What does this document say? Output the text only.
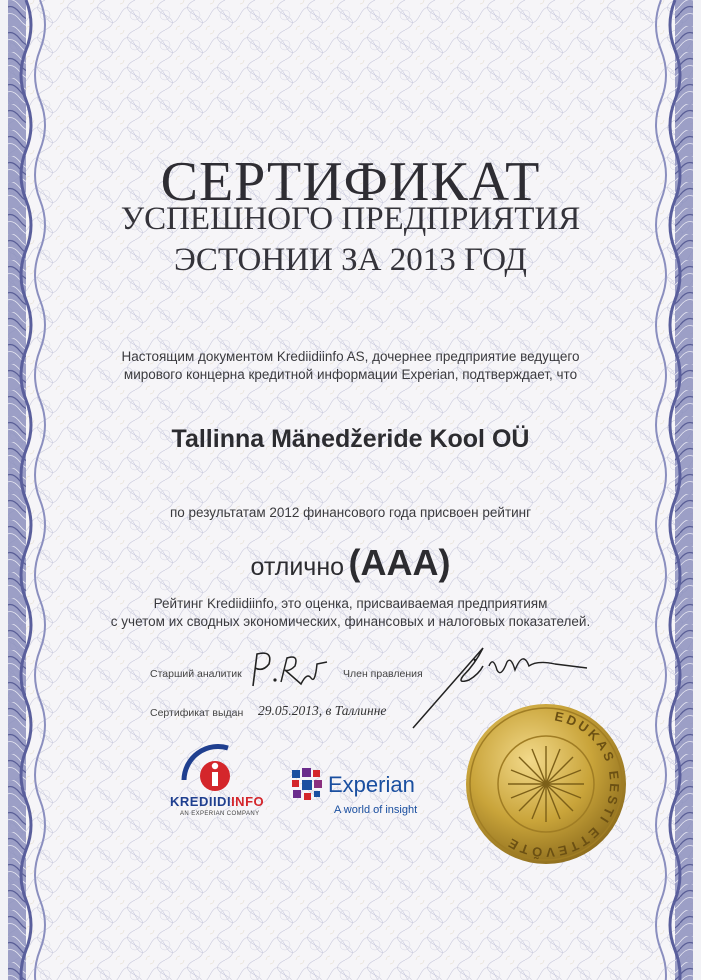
СЕРТИФИКАТ
УСПЕШНОГО ПРЕДПРИЯТИЯ
ЭСТОНИИ ЗА 2013 ГОД
Настоящим документом Krediidiinfo AS, дочернее предприятие ведущего
мирового концерна кредитной информации Experian, подтверждает, что
Tallinna Mänedžeride Kool OÜ
по результатам 2012 финансового года присвоен рейтинг
отлично (AAA)
Рейтинг Krediidiinfo, это оценка, присваиваемая предприятиям
с учетом их сводных экономических, финансовых и налоговых показателей.
Старший аналитик	Член правления
Сертификат выдан 29.05.2013, в Таллинне
KREDIIDIINFO
AN EXPERIAN COMPANY
Experian
A world of insight
EDUKAS EESTI ETTEVÕTE
